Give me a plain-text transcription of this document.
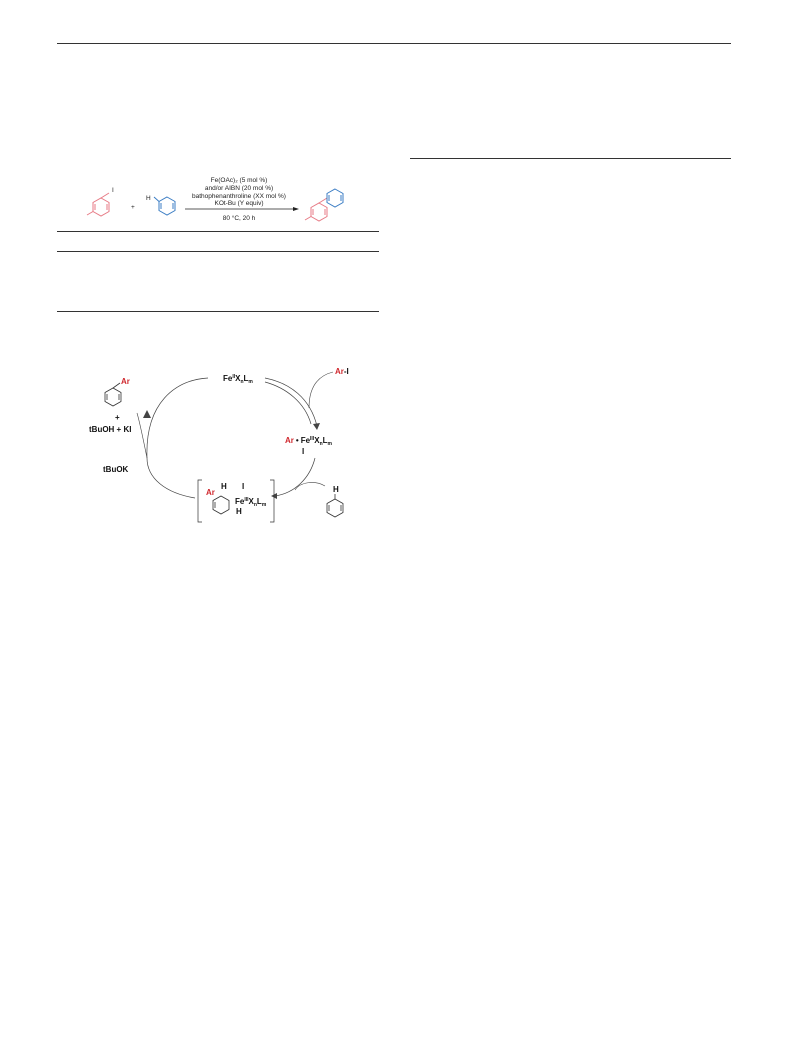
I
+
H
Fe(OAc)₂ (5 mol %)
and/or AIBN (20 mol %)
bathophenanthroline (XX mol %)
KOt-Bu (Y equiv)
80 °C, 20 h
$Fe^{II}X_nL_m$
Ar-I
Ar • $Fe^{III}X_nL_m$
I
Ar
+
tBuOH + KI
tBuOK
Ar
H I
$Fe^{III}X_nL_m$
H
H
